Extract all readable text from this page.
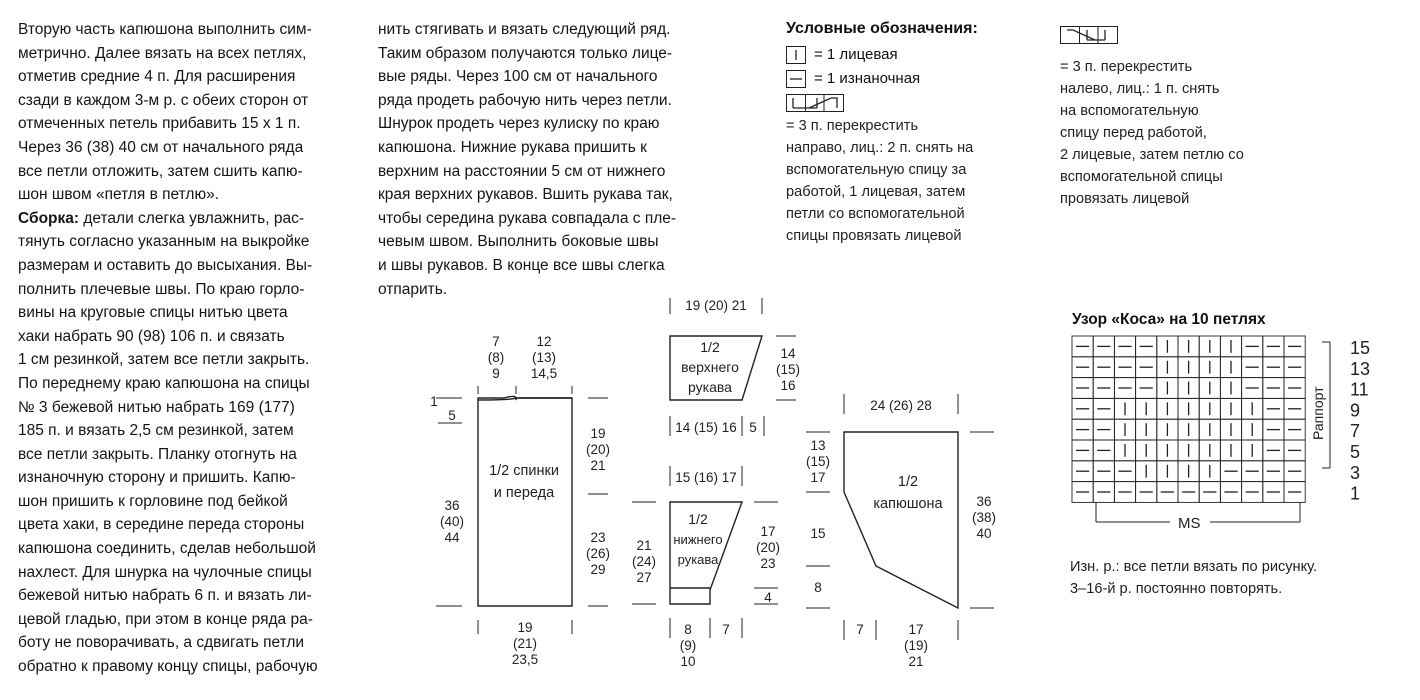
Вторую часть капюшона выполнить сим-
метрично. Далее вязать на всех петлях,
отметив средние 4 п. Для расширения
сзади в каждом 3-м р. с обеих сторон от
отмеченных петель прибавить 15 x 1 п.
Через 36 (38) 40 см от начального ряда
все петли отложить, затем сшить капю-
шон швом «петля в петлю».
Сборка: детали слегка увлажнить, рас-
тянуть согласно указанным на выкройке
размерам и оставить до высыхания. Вы-
полнить плечевые швы. По краю горло-
вины на круговые спицы нитью цвета
хаки набрать 90 (98) 106 п. и связать
1 см резинкой, затем все петли закрыть.
По переднему краю капюшона на спицы
№ 3 бежевой нитью набрать 169 (177)
185 п. и вязать 2,5 см резинкой, затем
все петли закрыть. Планку отогнуть на
изнаночную сторону и пришить. Капю-
шон пришить к горловине под бейкой
цвета хаки, в середине переда стороны
капюшона соединить, сделав небольшой
нахлест. Для шнурка на чулочные спицы
бежевой нитью набрать 6 п. и вязать ли-
цевой гладью, при этом в конце ряда ра-
боту не поворачивать, а сдвигать петли
обратно к правому концу спицы, рабочую
нить стягивать и вязать следующий ряд.
Таким образом получаются только лице-
вые ряды. Через 100 см от начального
ряда продеть рабочую нить через петли.
Шнурок продеть через кулиску по краю
капюшона. Нижние рукава пришить к
верхним на расстоянии 5 см от нижнего
края верхних рукавов. Вшить рукава так,
чтобы середина рукава совпадала с пле-
чевым швом. Выполнить боковые швы
и швы рукавов. В конце все швы слегка
отпарить.
Условные обозначения:
= 1 лицевая
= 1 изнаночная
= 3 п. перекрестить
направо, лиц.: 2 п. снять на
вспомогательную спицу за
работой, 1 лицевая, затем
петли со вспомогательной
спицы провязать лицевой
= 3 п. перекрестить
налево, лиц.: 1 п. снять
на вспомогательную
спицу перед работой,
2 лицевые, затем петлю со
вспомогательной спицы
провязать лицевой
Узор «Коса» на 10 петлях
15
13
11
9
7
5
3
1
Раппорт
MS
Изн. р.: все петли вязать по рисунку.
3–16-й р. постоянно повторять.
1/2 спинки
и переда
7
(8)
9
12
(13)
14,5
1
5
36
(40)
44
19
(20)
21
23
(26)
29
19
(21)
23,5
19 (20) 21
1/2
верхнего
рукава
14
(15)
16
14 (15) 16 5
15 (16) 17
1/2
нижнего
рукава
21
(24)
27
17
(20)
23
4
8
(9)
10
7
24 (26) 28
1/2
капюшона
13
(15)
17
15
8
36
(38)
40
7	17
(19)
21
